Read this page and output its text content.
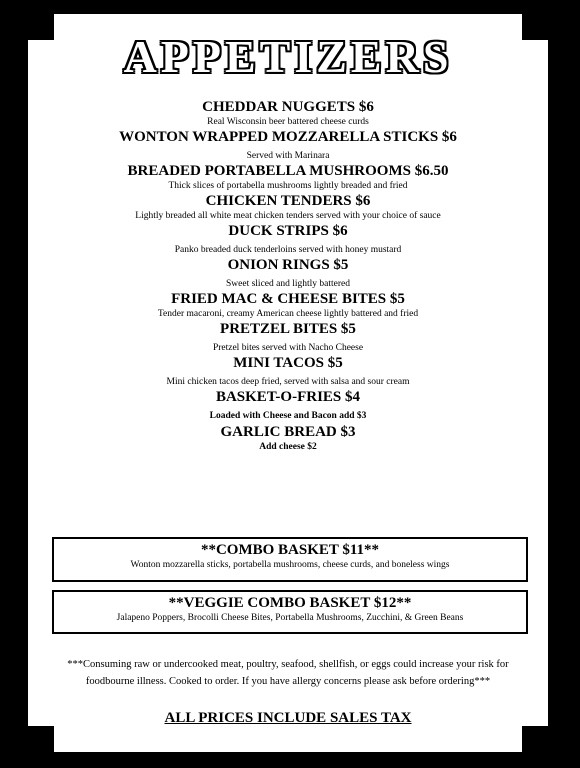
APPETIZERS
CHEDDAR NUGGETS $6
Real Wisconsin beer battered cheese curds
WONTON WRAPPED MOZZARELLA STICKS $6
Served with Marinara
BREADED PORTABELLA MUSHROOMS $6.50
Thick slices of portabella mushrooms lightly breaded and fried
CHICKEN TENDERS $6
Lightly breaded all white meat chicken tenders served with your choice of sauce
DUCK STRIPS $6
Panko breaded duck tenderloins served with honey mustard
ONION RINGS $5
Sweet sliced and lightly battered
FRIED MAC & CHEESE BITES $5
Tender macaroni, creamy American cheese lightly battered and fried
PRETZEL BITES $5
Pretzel bites served with Nacho Cheese
MINI TACOS $5
Mini chicken tacos deep fried, served with salsa and sour cream
BASKET-O-FRIES $4
Loaded with Cheese and Bacon add $3
GARLIC BREAD $3
Add cheese $2
**COMBO BASKET $11**
Wonton mozzarella sticks, portabella mushrooms, cheese curds, and boneless wings
**VEGGIE COMBO BASKET $12**
Jalapeno Poppers, Brocolli Cheese Bites, Portabella Mushrooms, Zucchini, & Green Beans
***Consuming raw or undercooked meat, poultry, seafood, shellfish, or eggs could increase your risk for foodbourne illness. Cooked to order. If you have allergy concerns please ask before ordering***
ALL PRICES INCLUDE SALES TAX
